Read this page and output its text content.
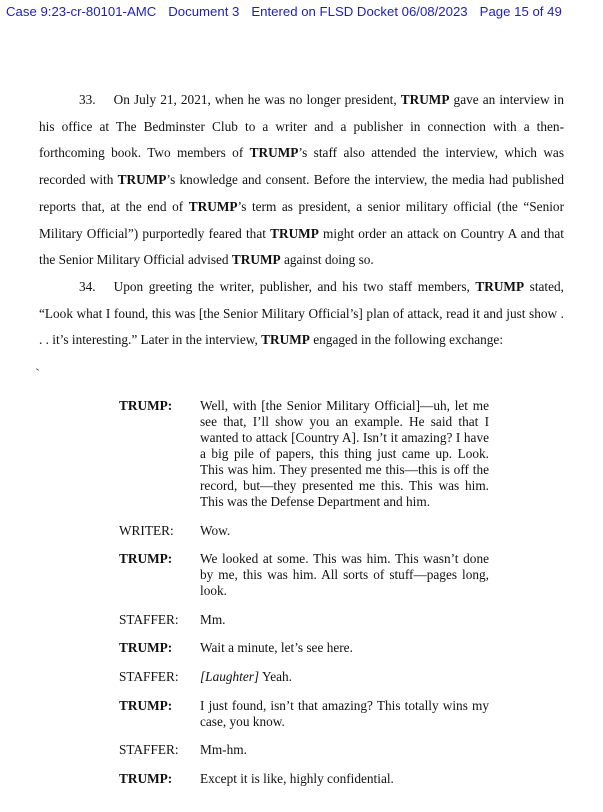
Case 9:23-cr-80101-AMC Document 3 Entered on FLSD Docket 06/08/2023 Page 15 of 49

33. On July 21, 2021, when he was no longer president, TRUMP gave an interview in his office at The Bedminster Club to a writer and a publisher in connection with a then-forthcoming book. Two members of TRUMP’s staff also attended the interview, which was recorded with TRUMP’s knowledge and consent. Before the interview, the media had published reports that, at the end of TRUMP’s term as president, a senior military official (the “Senior Military Official”) purportedly feared that TRUMP might order an attack on Country A and that the Senior Military Official advised TRUMP against doing so.

34. Upon greeting the writer, publisher, and his two staff members, TRUMP stated, “Look what I found, this was [the Senior Military Official’s] plan of attack, read it and just show . . . it’s interesting.” Later in the interview, TRUMP engaged in the following exchange:

TRUMP:	Well, with [the Senior Military Official]—uh, let me see that, I’ll show you an example. He said that I wanted to attack [Country A]. Isn’t it amazing? I have a big pile of papers, this thing just came up. Look. This was him. They presented me this—this is off the record, but—they presented me this. This was him. This was the Defense Department and him.
WRITER:	Wow.
TRUMP:	We looked at some. This was him. This wasn’t done by me, this was him. All sorts of stuff—pages long, look.
STAFFER:	Mm.
TRUMP:	Wait a minute, let’s see here.
STAFFER:	[Laughter] Yeah.
TRUMP:	I just found, isn’t that amazing? This totally wins my case, you know.
STAFFER:	Mm-hm.
TRUMP:	Except it is like, highly confidential.
